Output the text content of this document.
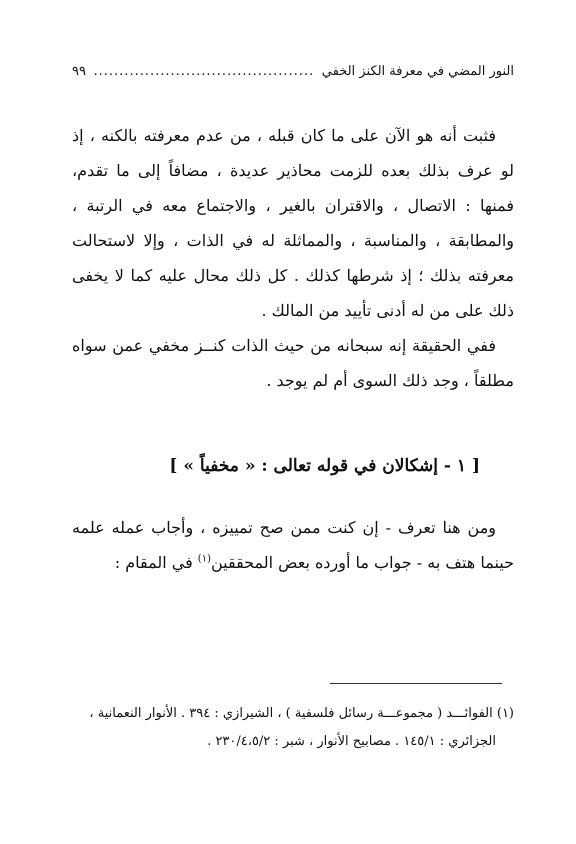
النور المضي في معرفة الكنز الخفي
...........................................
٩٩

فثبت أنه هو الآن على ما كان قبله ، من عدم معرفته بالكنه ، إذ لو عرف بذلك بعده للزمت محاذير عديدة ، مضافاً إلى ما تقدم، فمنها : الاتصال ، والاقتران بالغير ، والاجتماع معه في الرتبة ، والمطابقة ، والمناسبة ، والمماثلة له في الذات ، وإلا لاستحالت معرفته بذلك ؛ إذ شرطها كذلك . كل ذلك محال عليه كما لا يخفى ذلك على من له أدنى تأييد من المالك .

ففي الحقيقة إنه سبحانه من حيث الذات كنــز مخفي عمن سواه مطلقاً ، وجد ذلك السوى أم لم يوجد .

[ ١ - إشكالان في قوله تعالى : « مخفياً » ]

ومن هنا تعرف - إن كنت ممن صح تمييزه ، وأجاب عمله علمه حينما هتف به - جواب ما أورده بعض المحققين$^{(١)}$ في المقام :

(١) الفوائـــد ( مجموعـــة رسائل فلسفية ) ، الشيرازي : ٣٩٤ . الأنوار النعمانية ،

الجزائري : ١٤٥/١ . مصابيح الأنوار ، شبر : ٢٣٠/٤،٥/٢ .
